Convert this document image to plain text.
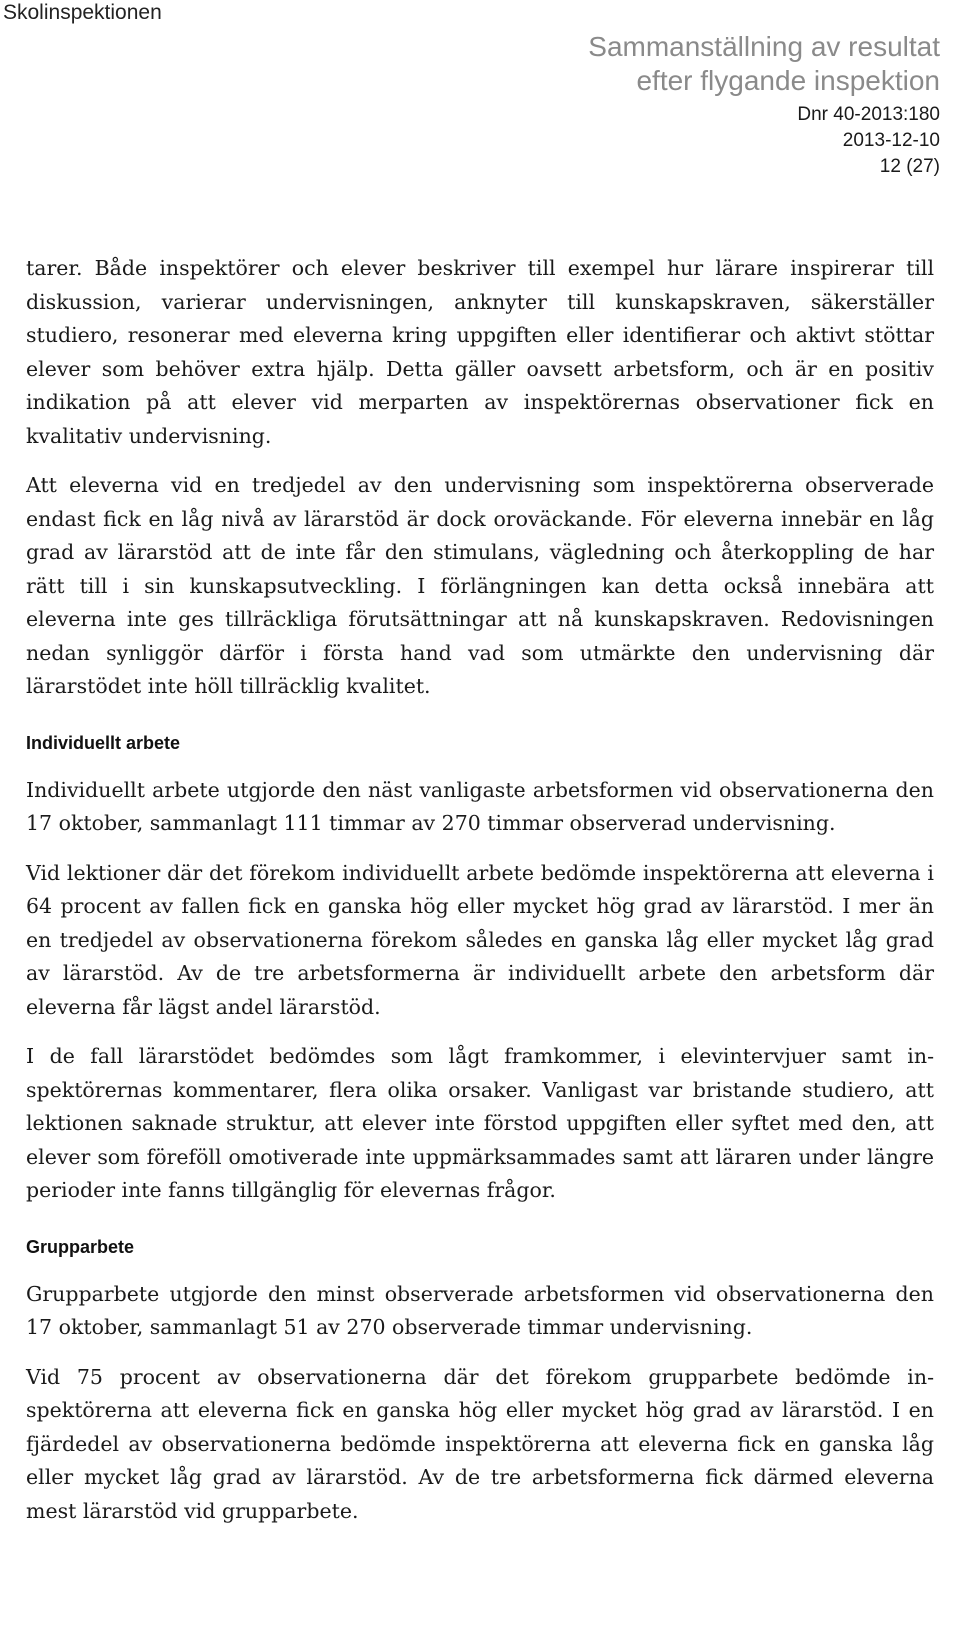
Skolinspektionen
Sammanställning av resultat
efter flygande inspektion
Dnr 40-2013:180
2013-12-10
12 (27)

tarer. Både inspektörer och elever beskriver till exempel hur lärare inspirerar till diskussion, varierar undervisningen, anknyter till kunskapskraven, säkerställer studiero, resonerar med eleverna kring uppgiften eller identifierar och aktivt stöttar elever som behöver extra hjälp. Detta gäller oavsett arbetsform, och är en positiv indikation på att elever vid merparten av inspektörernas observationer fick en kvalitativ undervisning.

Att eleverna vid en tredjedel av den undervisning som inspektörerna observerade endast fick en låg nivå av lärarstöd är dock oroväckande. För eleverna innebär en låg grad av lärarstöd att de inte får den stimulans, vägledning och återkoppling de har rätt till i sin kunskapsutveckling. I förlängningen kan detta också innebära att eleverna inte ges tillräckliga förutsättningar att nå kunskapskraven. Redovisningen nedan synliggör därför i första hand vad som utmärkte den undervisning där lärarstödet inte höll tillräcklig kvalitet.

Individuellt arbete

Individuellt arbete utgjorde den näst vanligaste arbetsformen vid observationerna den 17 oktober, sammanlagt 111 timmar av 270 timmar observerad undervisning.

Vid lektioner där det förekom individuellt arbete bedömde inspektörerna att eleverna i 64 procent av fallen fick en ganska hög eller mycket hög grad av lärarstöd. I mer än en tredjedel av observationerna förekom således en ganska låg eller mycket låg grad av lärarstöd. Av de tre arbetsformerna är individuellt arbete den arbetsform där eleverna får lägst andel lärarstöd.

I de fall lärarstödet bedömdes som lågt framkommer, i elevintervjuer samt inspektörernas kommentarer, flera olika orsaker. Vanligast var bristande studiero, att lektionen saknade struktur, att elever inte förstod uppgiften eller syftet med den, att elever som föreföll omotiverade inte uppmärksammades samt att läraren under längre perioder inte fanns tillgänglig för elevernas frågor.

Grupparbete

Grupparbete utgjorde den minst observerade arbetsformen vid observationerna den 17 oktober, sammanlagt 51 av 270 observerade timmar undervisning.

Vid 75 procent av observationerna där det förekom grupparbete bedömde inspektörerna att eleverna fick en ganska hög eller mycket hög grad av lärarstöd. I en fjärdedel av observationerna bedömde inspektörerna att eleverna fick en ganska låg eller mycket låg grad av lärarstöd. Av de tre arbetsformerna fick därmed eleverna mest lärarstöd vid grupparbete.
